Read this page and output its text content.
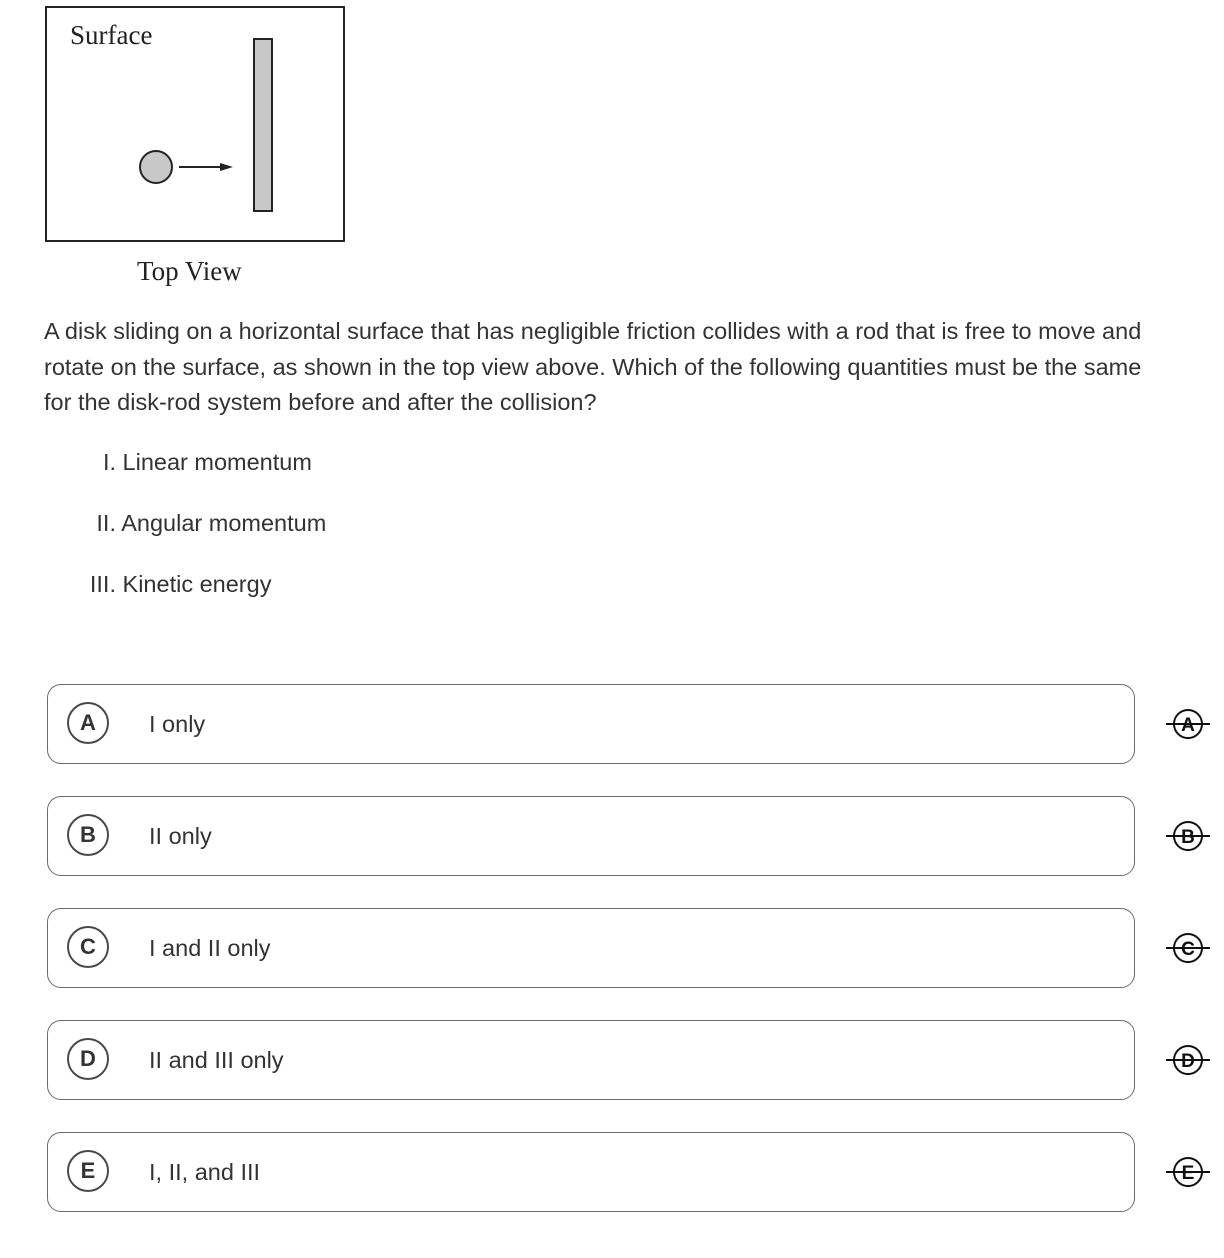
Surface
Top View
A disk sliding on a horizontal surface that has negligible friction collides with a rod that is free to move and
rotate on the surface, as shown in the top view above. Which of the following quantities must be the same
for the disk-rod system before and after the collision?
I. Linear momentum
II. Angular momentum
III. Kinetic energy
A	I only	A
B	II only	B
C	I and II only	C
D	II and III only	D
E	I, II, and III	E
